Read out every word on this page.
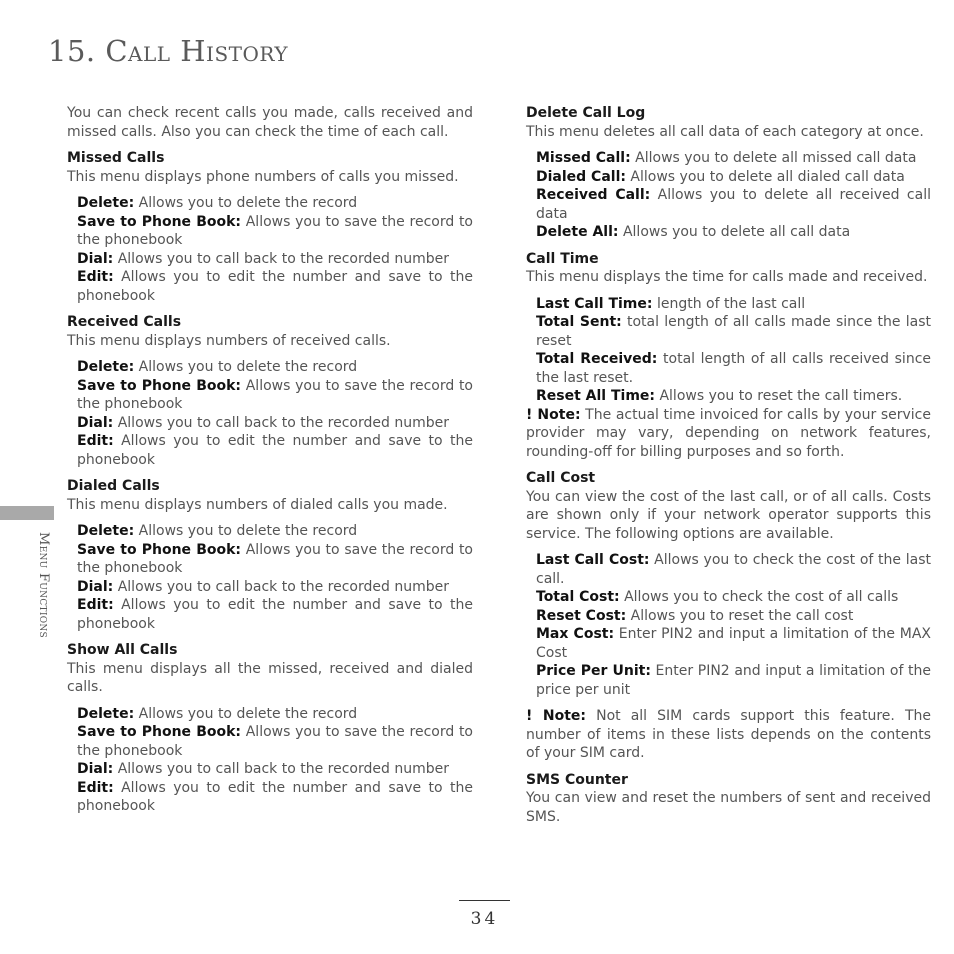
15. Call History
Menu Functions

You can check recent calls you made, calls received and missed calls. Also you can check the time of each call.

Missed Calls

This menu displays phone numbers of calls you missed.

Delete: Allows you to delete the record

Save to Phone Book: Allows you to save the record to the phonebook

Dial: Allows you to call back to the recorded number

Edit: Allows you to edit the number and save to the phonebook

Received Calls

This menu displays numbers of received calls.

Delete: Allows you to delete the record

Save to Phone Book: Allows you to save the record to the phonebook

Dial: Allows you to call back to the recorded number

Edit: Allows you to edit the number and save to the phonebook

Dialed Calls

This menu displays numbers of dialed calls you made.

Delete: Allows you to delete the record

Save to Phone Book: Allows you to save the record to the phonebook

Dial: Allows you to call back to the recorded number

Edit: Allows you to edit the number and save to the phonebook

Show All Calls

This menu displays all the missed, received and dialed calls.

Delete: Allows you to delete the record

Save to Phone Book: Allows you to save the record to the phonebook

Dial: Allows you to call back to the recorded number

Edit: Allows you to edit the number and save to the phonebook

Delete Call Log

This menu deletes all call data of each category at once.

Missed Call: Allows you to delete all missed call data

Dialed Call: Allows you to delete all dialed call data

Received Call: Allows you to delete all received call data

Delete All: Allows you to delete all call data

Call Time

This menu displays the time for calls made and received.

Last Call Time: length of the last call

Total Sent: total length of all calls made since the last reset

Total Received: total length of all calls received since the last reset.

Reset All Time: Allows you to reset the call timers.

! Note: The actual time invoiced for calls by your service provider may vary, depending on network features, rounding-off for billing purposes and so forth.

Call Cost

You can view the cost of the last call, or of all calls. Costs are shown only if your network operator supports this service. The following options are available.

Last Call Cost: Allows you to check the cost of the last call.

Total Cost: Allows you to check the cost of all calls

Reset Cost: Allows you to reset the call cost

Max Cost: Enter PIN2 and input a limitation of the MAX Cost

Price Per Unit: Enter PIN2 and input a limitation of the price per unit

! Note: Not all SIM cards support this feature. The number of items in these lists depends on the contents of your SIM card.

SMS Counter

You can view and reset the numbers of sent and received SMS.

34
